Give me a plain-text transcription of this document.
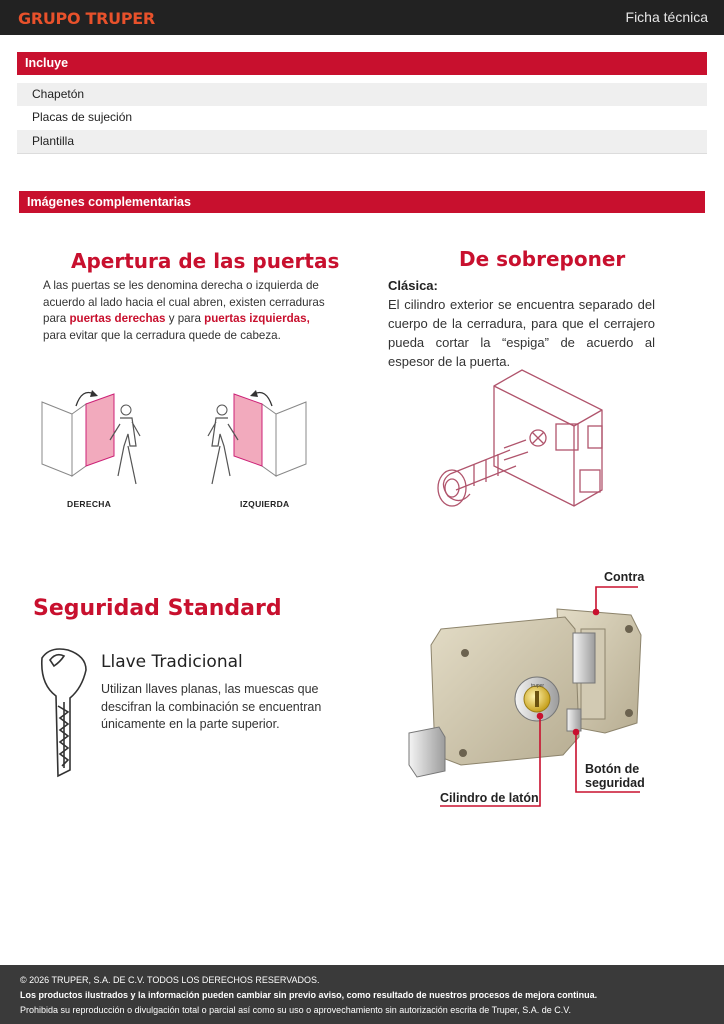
GRUPO TRUPER	Ficha técnica
Incluye
Chapetón
Placas de sujeción
Plantilla
Imágenes complementarias
Apertura de las puertas
A las puertas se les denomina derecha o izquierda de
acuerdo al lado hacia el cual abren, existen cerraduras
para puertas derechas y para puertas izquierdas,
para evitar que la cerradura quede de cabeza.
DERECHA	IZQUIERDA
De sobreponer
Clásica:
El cilindro exterior se encuentra separado del cuerpo de la cerradura, para que el cerrajero pueda cortar la “espiga” de acuerdo al espesor de la puerta.
Seguridad Standard
Llave Tradicional
Utilizan llaves planas, las muescas que
descifran la combinación se encuentran
únicamente en la parte superior.
truper
Contra
Botón de
seguridad
Cilindro de latón
© 2026 TRUPER, S.A. DE C.V. TODOS LOS DERECHOS RESERVADOS.
Los productos ilustrados y la información pueden cambiar sin previo aviso, como resultado de nuestros procesos de mejora continua.
Prohibida su reproducción o divulgación total o parcial así como su uso o aprovechamiento sin autorización escrita de Truper, S.A. de C.V.
